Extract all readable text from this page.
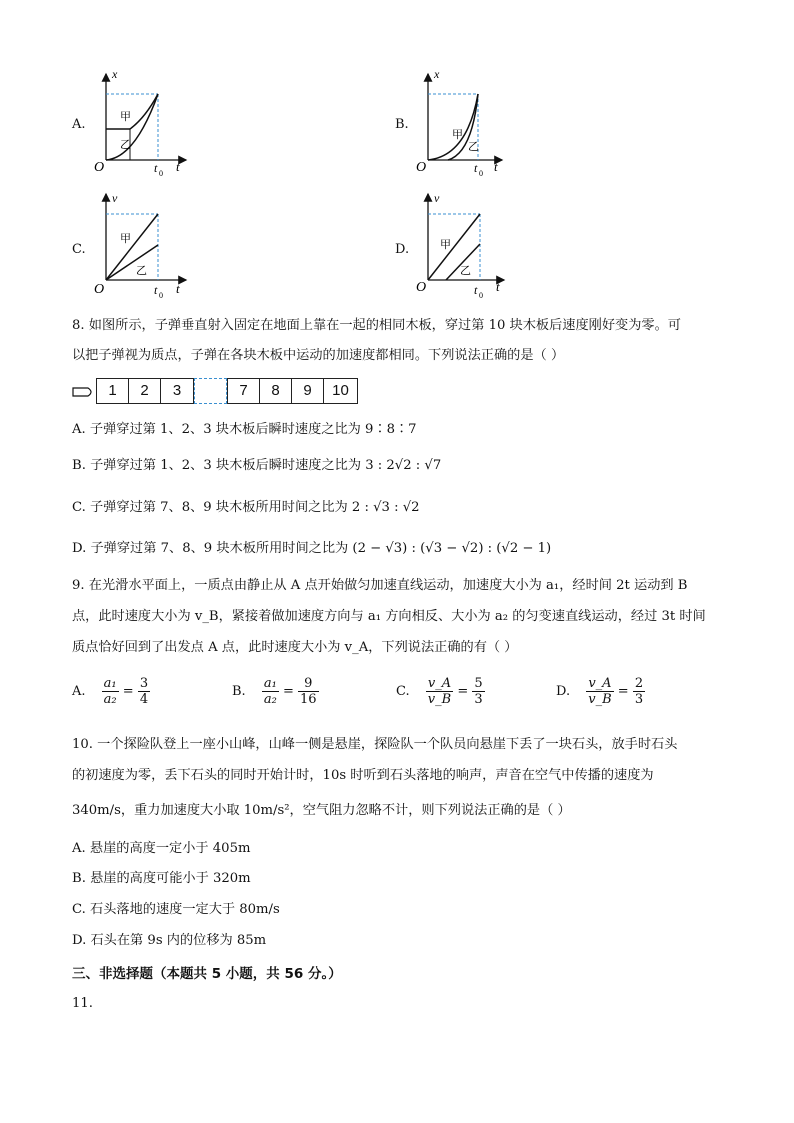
A.
x
O	t
t 0
甲
乙
B.
x
O	t
t 0
甲
乙
C.
v
O	t
t 0
甲
乙
D.
v
O	t
t 0
甲
乙
8. 如图所示，子弹垂直射入固定在地面上靠在一起的相同木板，穿过第 10 块木板后速度刚好变为零。可
以把子弹视为质点，子弹在各块木板中运动的加速度都相同。下列说法正确的是（ ）
1	2	3	7	8	9	10
A. 子弹穿过第 1、2、3 块木板后瞬时速度之比为 9∶8∶7
B. 子弹穿过第 1、2、3 块木板后瞬时速度之比为 3 : 2√2 : √7
C. 子弹穿过第 7、8、9 块木板所用时间之比为 2 : √3 : √2
D. 子弹穿过第 7、8、9 块木板所用时间之比为 (2 − √3) : (√3 − √2) : (√2 − 1)
9. 在光滑水平面上，一质点由静止从 A 点开始做匀加速直线运动，加速度大小为 a₁，经时间 2t 运动到 B
点，此时速度大小为 v_B，紧接着做加速度方向与 a₁ 方向相反、大小为 a₂ 的匀变速直线运动，经过 3t 时间
质点恰好回到了出发点 A 点，此时速度大小为 v_A，下列说法正确的有（ ）
A. $\frac{\text{a₁}}{\text{a₂}} = \frac{3}{4}$	B. $\frac{\text{a₁}}{\text{a₂}} = \frac{9}{16}$	C. $\frac{v\_A}{v\_B} = \frac{5}{3}$	D. $\frac{v\_A}{v\_B} = \frac{2}{3}$
10. 一个探险队登上一座小山峰，山峰一侧是悬崖，探险队一个队员向悬崖下丢了一块石头，放手时石头
的初速度为零，丢下石头的同时开始计时，10s 时听到石头落地的响声，声音在空气中传播的速度为
340m/s，重力加速度大小取 10m/s²，空气阻力忽略不计，则下列说法正确的是（ ）
A. 悬崖的高度一定小于 405m
B. 悬崖的高度可能小于 320m
C. 石头落地的速度一定大于 80m/s
D. 石头在第 9s 内的位移为 85m
三、非选择题（本题共 5 小题，共 56 分。）
11.
